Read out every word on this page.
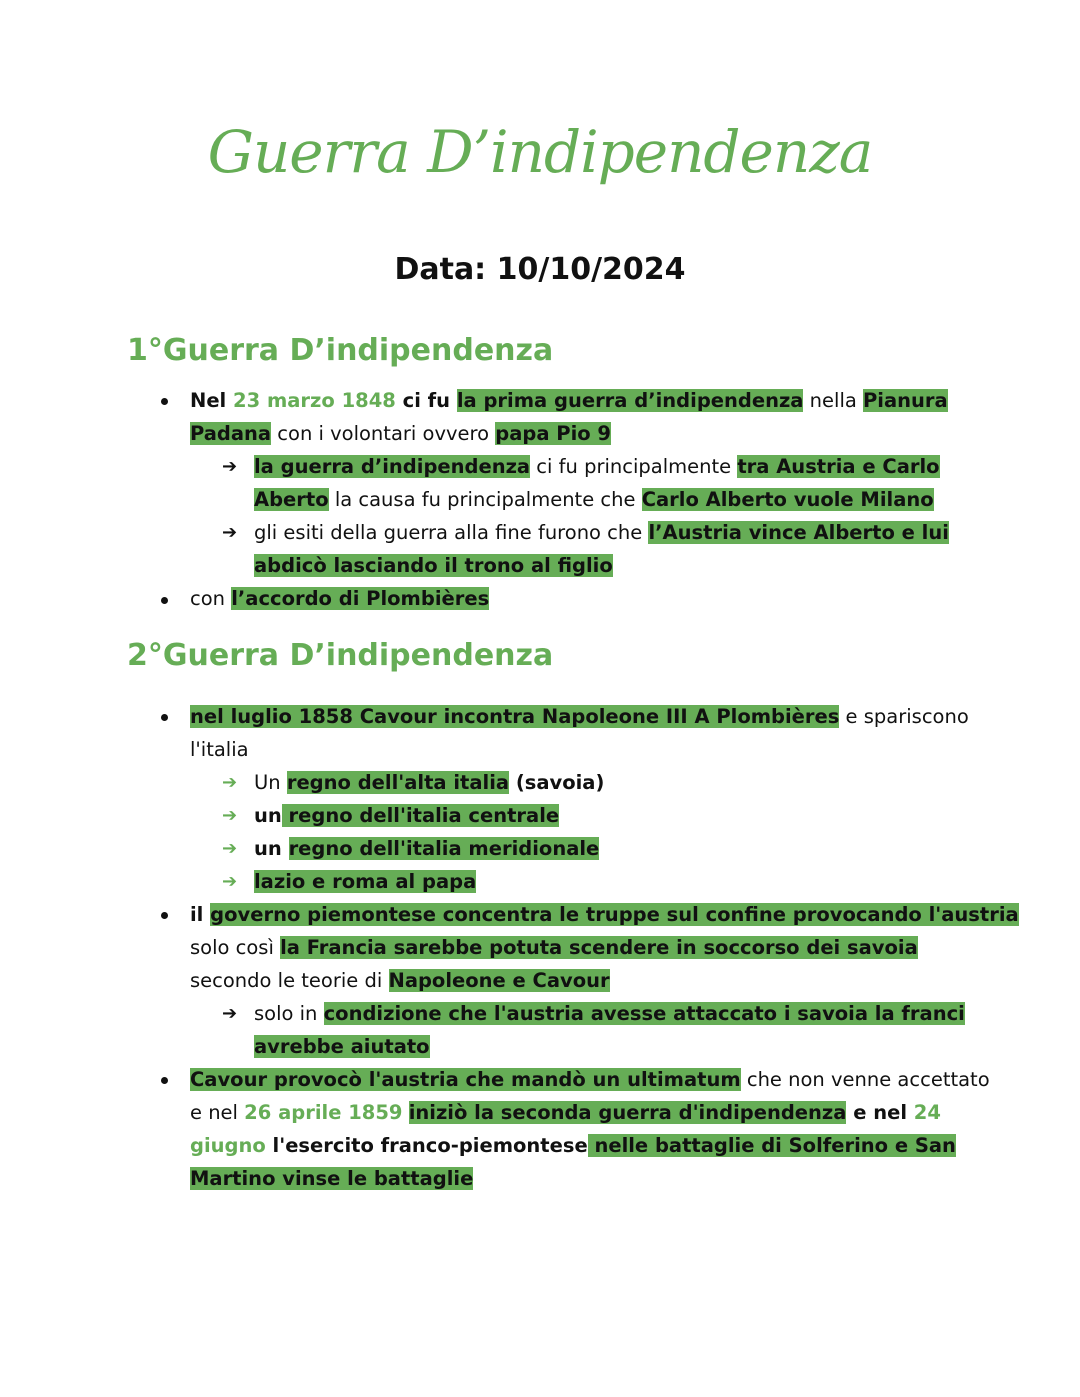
Guerra D’indipendenza
Data: 10/10/2024
1°Guerra D’indipendenza
Nel 23 marzo 1848 ci fu la prima guerra d’indipendenza nella Pianura
Padana con i volontari ovvero papa Pio 9
➔ la guerra d’indipendenza ci fu principalmente tra Austria e Carlo
Aberto la causa fu principalmente che Carlo Alberto vuole Milano
➔ gli esiti della guerra alla fine furono che l’Austria vince Alberto e lui
abdicò lasciando il trono al figlio
con l’accordo di Plombières
2°Guerra D’indipendenza
nel luglio 1858 Cavour incontra Napoleone III A Plombières e spariscono
l'italia
➔ Un regno dell'alta italia (savoia)
➔ un regno dell'italia centrale
➔ un regno dell'italia meridionale
➔ lazio e roma al papa
il governo piemontese concentra le truppe sul confine provocando l'austria
solo così la Francia sarebbe potuta scendere in soccorso dei savoia
secondo le teorie di Napoleone e Cavour
➔ solo in condizione che l'austria avesse attaccato i savoia la franci
avrebbe aiutato
Cavour provocò l'austria che mandò un ultimatum che non venne accettato
e nel 26 aprile 1859 iniziò la seconda guerra d'indipendenza e nel 24
giugno l'esercito franco-piemontese nelle battaglie di Solferino e San
Martino vinse le battaglie
